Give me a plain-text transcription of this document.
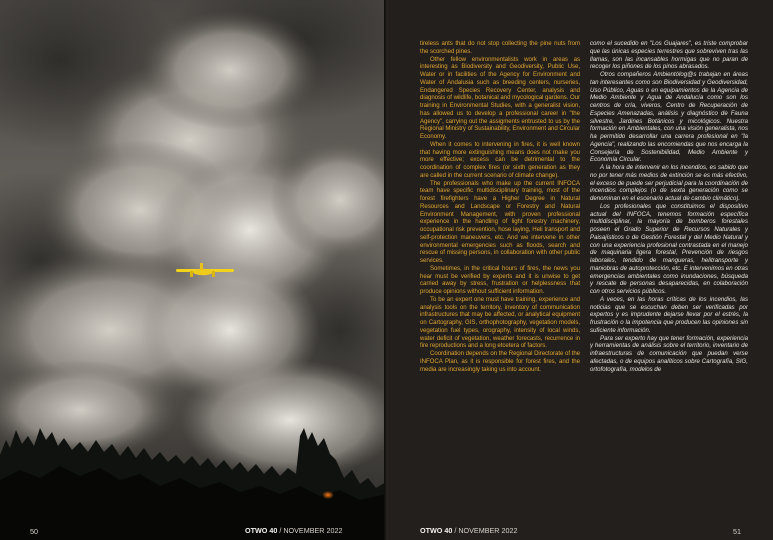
50	OTWO 40 / NOVEMBER 2022

tireless ants that do not stop collecting the pine nuts from the scorched pines.

Other fellow environmentalists work in areas as interesting as Biodiversity and Geodiversity, Public Use, Water or in facilities of the Agency for Environment and Water of Andalusia such as breeding centers, nurseries, Endangered Species Recovery Center, analysis and diagnosis of wildlife, botanical and mycological gardens. Our training in Environmental Studies, with a generalist vision, has allowed us to develop a professional career in "the Agency", carrying out the assigments entrusted to us by the Regional Ministry of Sustainability, Environment and Circular Economy.

When it comes to intervening in fires, it is well known that having more extinguishing means does not make you more effective; excess can be detrimental to the coordination of complex fires (or sixth generation as they are called in the current scenario of climate change).

The professionals who make up the current INFOCA team have specific multidisciplinary training, most of the forest firefighters have a Higher Degree in Natural Resources and Landscape or Forestry and Natural Environment Management, with proven professional experience in the handling of light forestry machinery, occupational risk prevention, hose laying, Heli transport and self-protection maneuvers, etc. And we intervene in other environmental emergencies such as floods, search and rescue of missing persons, in collaboration with other public services.

Sometimes, in the critical hours of fires, the news you hear must be verified by experts and it is unwise to get carried away by stress, frustration or helplessness that produce opinions without sufficient information.

To be an expert one must have training, experience and analysis tools on the territory, inventory of communication infrastructures that may be affected, or analytical equipment on Cartography, GIS, orthophotography, vegetation models, vegetation fuel types, orography, intensity of local winds, water deficit of vegetation, weather forecasts, recurrence in fire reproductions and a long etcetera of factors.

Coordination depends on the Regional Directorate of the INFOCA Plan, as it is responsible for forest fires, and the media are increasingly taking us into account.

como el sucedido en "Los Guajares", es triste comprobar que las únicas especies terrestres que sobreviven tras las llamas, son las incansables hormigas que no paran de recoger los piñones de los pinos abrasados.

Otros compañeros Ambientólog@s trabajan en áreas tan interesantes como son Biodiversidad y Geodiversidad, Uso Público, Aguas o en equipamientos de la Agencia de Medio Ambiente y Agua de Andalucía como son los centros de cría, viveros, Centro de Recuperación de Especies Amenazadas, análisis y diagnóstico de Fauna silvestre, Jardines Botánicos y micológicos. Nuestra formación en Ambientales, con una visión generalista, nos ha permitido desarrollar una carrera profesional en "la Agencia", realizando las encomiendas que nos encarga la Consejería de Sostenibilidad, Medio Ambiente y Economía Circular.

A la hora de intervenir en los incendios, es sabido que no por tener más medios de extinción se es más efectivo, el exceso de puede ser perjudicial para la coordinación de incendios complejos (o de sexta generación como se denominan en el escenario actual de cambio climático).

Los profesionales que constituimos el dispositivo actual del INFOCA, tenemos formación específica multidisciplinar, la mayoría de bomberos forestales poseen el Grado Superior de Recursos Naturales y Paisajísticos o de Gestión Forestal y del Medio Natural y con una experiencia profesional contrastada en el manejo de maquinaria ligera forestal, Prevención de riesgos laborales, tendido de mangueras, helitransporte y maniobras de autoprotección, etc. E intervenimos en otras emergencias ambientales como inundaciones, búsqueda y rescate de personas desaparecidas, en colaboración con otros servicios públicos.

A veces, en las horas críticas de los incendios, las noticias que se escuchan deben ser verificadas por expertos y es imprudente dejarse llevar por el estrés, la frustración o la impotencia que producen las opiniones sin suficiente información.

Para ser experto hay que tener formación, experiencia y herramientas de análisis sobre el territorio, inventario de infraestructuras de comunicación que puedan verse afectadas, o de equipos analíticos sobre Cartografía, SIG, ortofotografía, modelos de

OTWO 40 / NOVEMBER 2022	51
